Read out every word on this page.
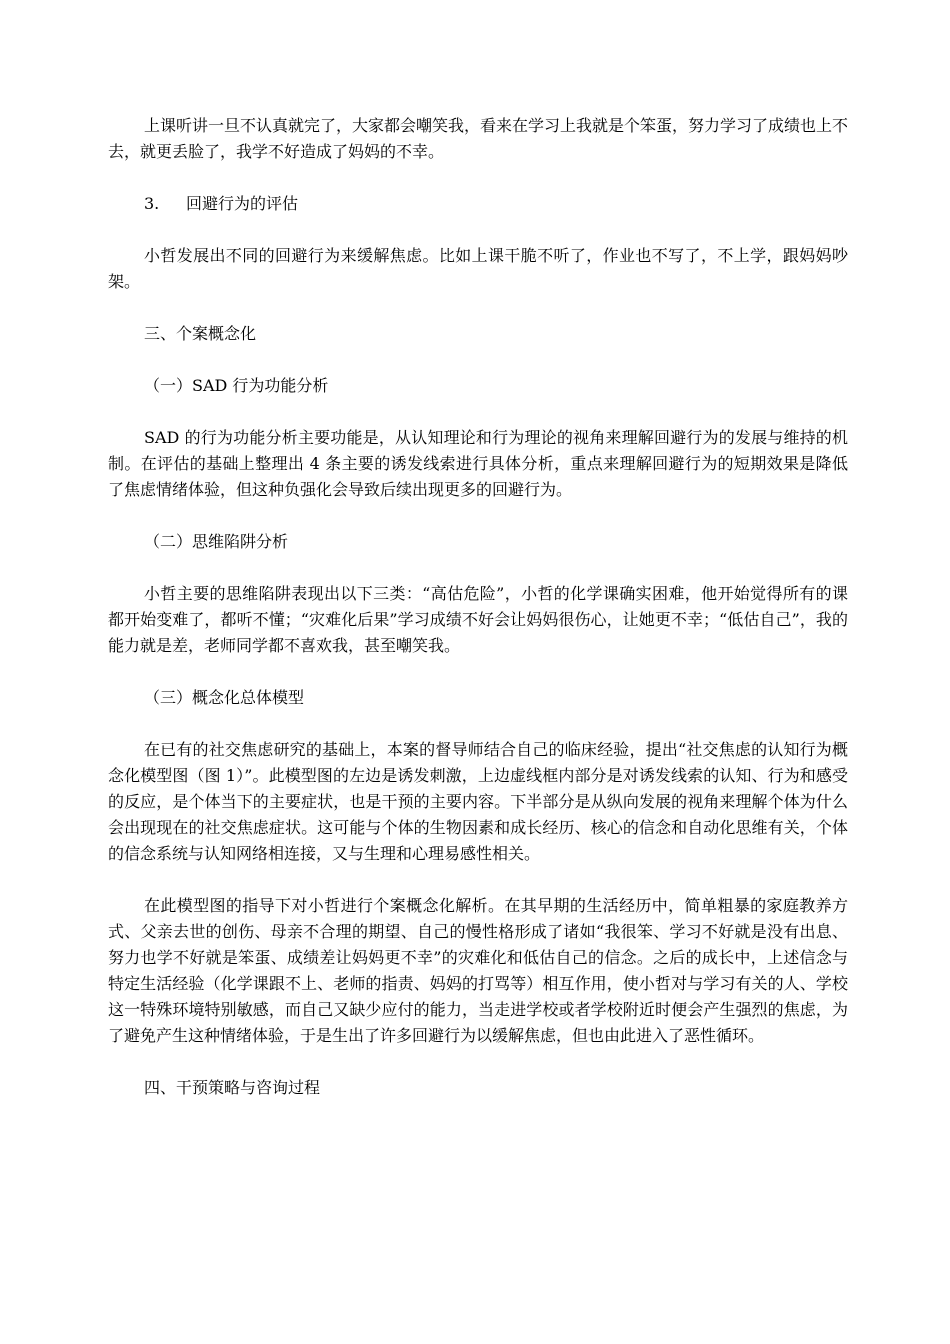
上课听讲一旦不认真就完了，大家都会嘲笑我，看来在学习上我就是个笨蛋，努力学习了成绩也上不去，就更丢脸了，我学不好造成了妈妈的不幸。

3. 回避行为的评估

小哲发展出不同的回避行为来缓解焦虑。比如上课干脆不听了，作业也不写了，不上学，跟妈妈吵架。

三、个案概念化
（一）SAD 行为功能分析

SAD 的行为功能分析主要功能是，从认知理论和行为理论的视角来理解回避行为的发展与维持的机制。在评估的基础上整理出 4 条主要的诱发线索进行具体分析，重点来理解回避行为的短期效果是降低了焦虑情绪体验，但这种负强化会导致后续出现更多的回避行为。

（二）思维陷阱分析

小哲主要的思维陷阱表现出以下三类：“高估危险”，小哲的化学课确实困难，他开始觉得所有的课都开始变难了，都听不懂；“灾难化后果”学习成绩不好会让妈妈很伤心，让她更不幸；“低估自己”，我的能力就是差，老师同学都不喜欢我，甚至嘲笑我。

（三）概念化总体模型

在已有的社交焦虑研究的基础上，本案的督导师结合自己的临床经验，提出“社交焦虑的认知行为概念化模型图（图 1）”。此模型图的左边是诱发刺激，上边虚线框内部分是对诱发线索的认知、行为和感受的反应，是个体当下的主要症状，也是干预的主要内容。下半部分是从纵向发展的视角来理解个体为什么会出现现在的社交焦虑症状。这可能与个体的生物因素和成长经历、核心的信念和自动化思维有关，个体的信念系统与认知网络相连接，又与生理和心理易感性相关。

在此模型图的指导下对小哲进行个案概念化解析。在其早期的生活经历中，简单粗暴的家庭教养方式、父亲去世的创伤、母亲不合理的期望、自己的慢性格形成了诸如“我很笨、学习不好就是没有出息、努力也学不好就是笨蛋、成绩差让妈妈更不幸”的灾难化和低估自己的信念。之后的成长中，上述信念与特定生活经验（化学课跟不上、老师的指责、妈妈的打骂等）相互作用，使小哲对与学习有关的人、学校这一特殊环境特别敏感，而自己又缺少应付的能力，当走进学校或者学校附近时便会产生强烈的焦虑，为了避免产生这种情绪体验，于是生出了许多回避行为以缓解焦虑，但也由此进入了恶性循环。

四、干预策略与咨询过程
